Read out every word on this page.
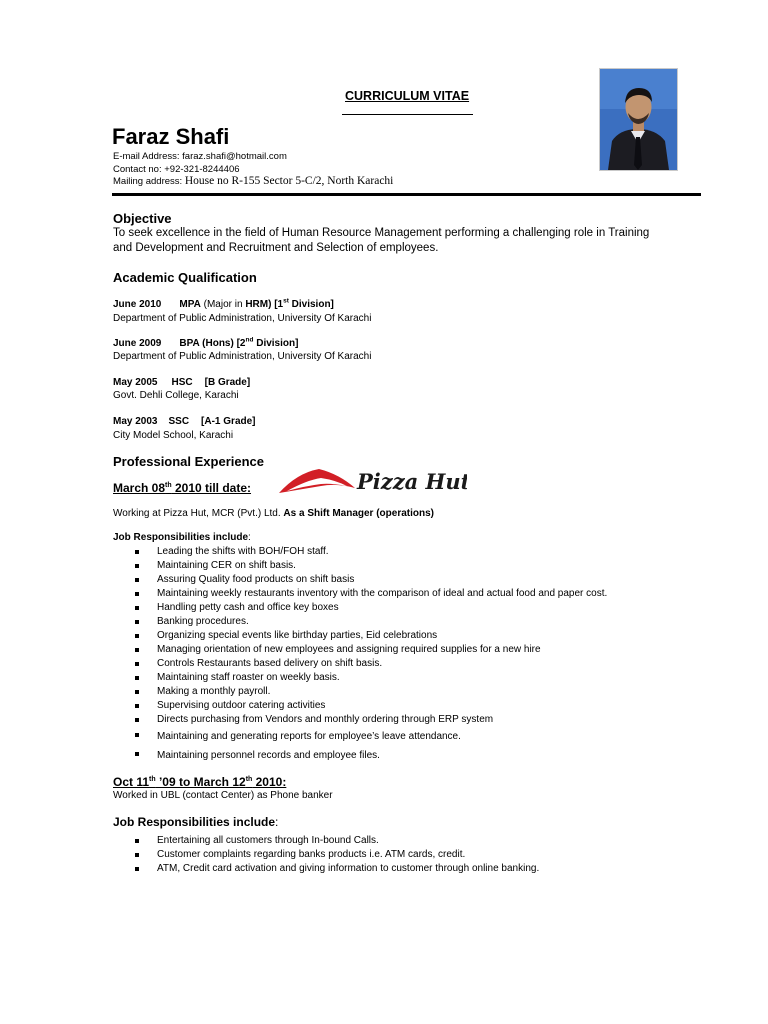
CURRICULUM VITAE
Faraz Shafi
E-mail Address: faraz.shafi@hotmail.com
Contact no: +92-321-8244406
Mailing address: House no R-155 Sector 5-C/2, North Karachi
Objective
To seek excellence in the field of Human Resource Management performing a challenging role in Training
and Development and Recruitment and Selection of employees.
Academic Qualification
June 2010 MPA (Major in HRM) [1st Division]
Department of Public Administration, University Of Karachi
June 2009 BPA (Hons) [2nd Division]
Department of Public Administration, University Of Karachi
May 2005 HSC [B Grade]
Govt. Dehli College, Karachi
May 2003 SSC [A-1 Grade]
City Model School, Karachi
Professional Experience
Pizza Hut
March 08th 2010 till date:
Working at Pizza Hut, MCR (Pvt.) Ltd. As a Shift Manager (operations)
Job Responsibilities include:
Leading the shifts with BOH/FOH staff.
Maintaining CER on shift basis.
Assuring Quality food products on shift basis
Maintaining weekly restaurants inventory with the comparison of ideal and actual food and paper cost.
Handling petty cash and office key boxes
Banking procedures.
Organizing special events like birthday parties, Eid celebrations
Managing orientation of new employees and assigning required supplies for a new hire
Controls Restaurants based delivery on shift basis.
Maintaining staff roaster on weekly basis.
Making a monthly payroll.
Supervising outdoor catering activities
Directs purchasing from Vendors and monthly ordering through ERP system
Maintaining and generating reports for employee’s leave attendance.
Maintaining personnel records and employee files.
Oct 11th ’09 to March 12th 2010:
Worked in UBL (contact Center) as Phone banker
Job Responsibilities include:
Entertaining all customers through In-bound Calls.
Customer complaints regarding banks products i.e. ATM cards, credit.
ATM, Credit card activation and giving information to customer through online banking.
